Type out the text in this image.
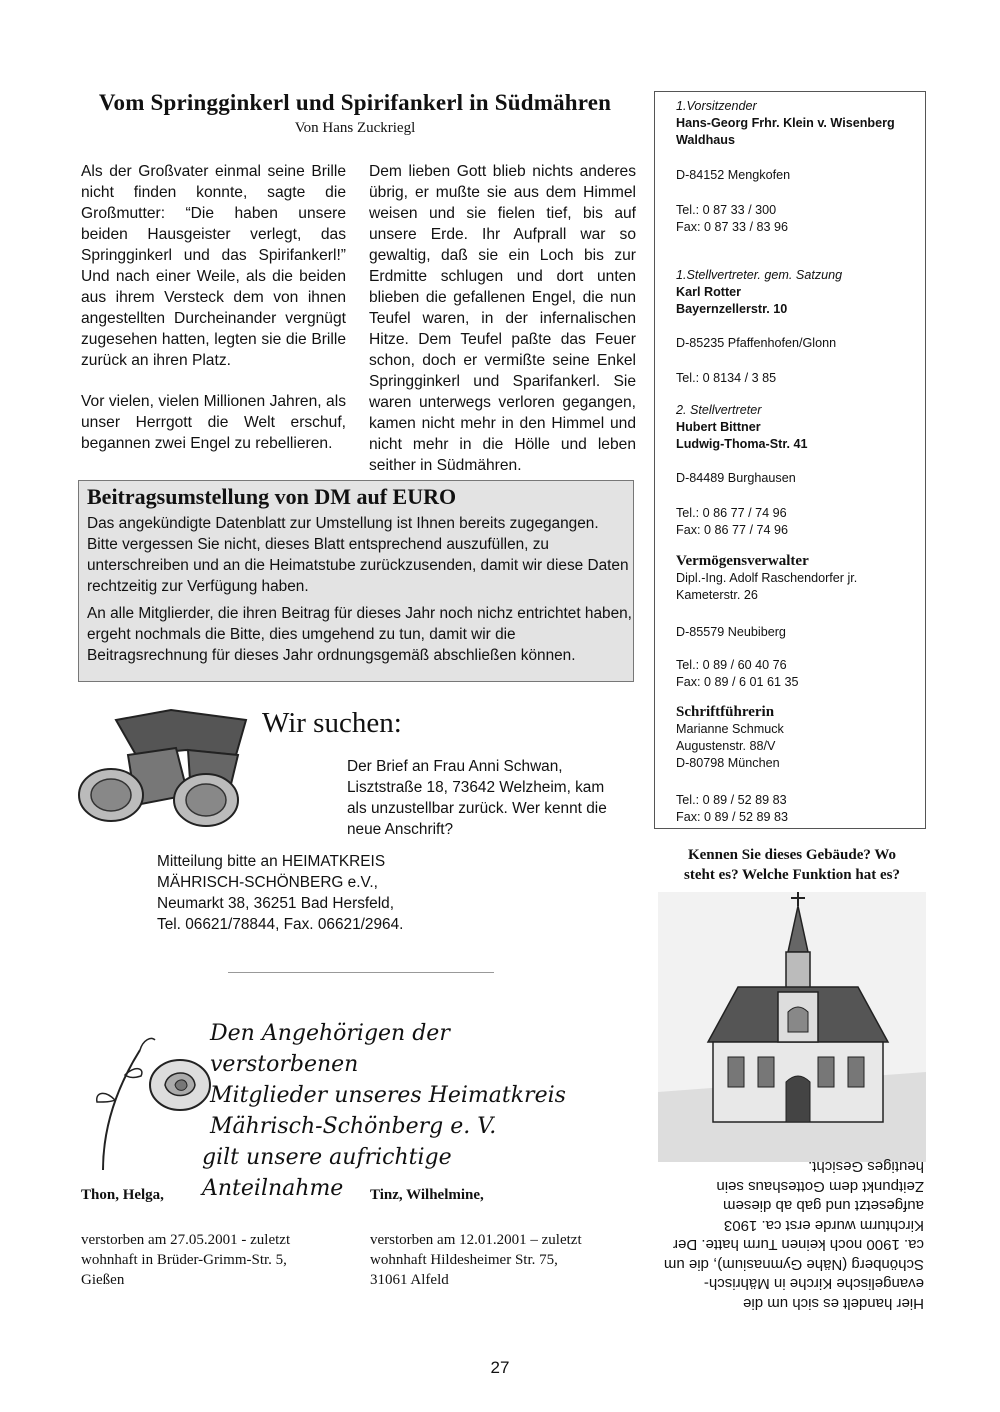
Vom Springginkerl und Spirifankerl in Südmähren
Von Hans Zuckriegl

Als der Großvater einmal seine Brille nicht finden konnte, sagte die Großmutter: “Die haben unsere beiden Hausgeister verlegt, das Springginkerl und das Spirifankerl!” Und nach einer Weile, als die beiden aus ihrem Versteck dem von ihnen angestellten Durcheinander vergnügt zugesehen hatten, legten sie die Brille zurück an ihren Platz.

Vor vielen, vielen Millionen Jahren, als unser Herrgott die Welt erschuf, begannen zwei Engel zu rebellieren.

Dem lieben Gott blieb nichts anderes übrig, er mußte sie aus dem Himmel weisen und sie fielen tief, bis auf unsere Erde. Ihr Aufprall war so gewaltig, daß sie ein Loch bis zur Erdmitte schlugen und dort unten blieben die gefallenen Engel, die nun Teufel waren, in der infernalischen Hitze. Dem Teufel paßte das Feuer schon, doch er vermißte seine Enkel Springginkerl und Sparifankerl. Sie waren unterwegs verloren gegangen, kamen nicht mehr in den Himmel und nicht mehr in die Hölle und leben seither in Südmähren.

Beitragsumstellung von DM auf EURO
Das angekündigte Datenblatt zur Umstellung ist Ihnen bereits zugegangen. Bitte vergessen Sie nicht, dieses Blatt entsprechend auszufüllen, zu unterschreiben und an die Heimatstube zurückzusenden, damit wir diese Daten rechtzeitig zur Verfügung haben.
An alle Mitglierder, die ihren Beitrag für dieses Jahr noch nichz entrichtet haben, ergeht nochmals die Bitte, dies umgehend zu tun, damit wir die Beitragsrechnung für dieses Jahr ordnungsgemäß abschließen können.
1.Vorsitzender
Hans-Georg Frhr. Klein v. Wisenberg
Waldhaus
D-84152 Mengkofen
Tel.: 0 87 33 / 300
Fax: 0 87 33 / 83 96
1.Stellvertreter. gem. Satzung
Karl Rotter
Bayernzellerstr. 10
D-85235 Pfaffenhofen/Glonn
Tel.: 0 8134 / 3 85
2. Stellvertreter
Hubert Bittner
Ludwig-Thoma-Str. 41
D-84489 Burghausen
Tel.: 0 86 77 / 74 96
Fax: 0 86 77 / 74 96
Vermögensverwalter
Dipl.-Ing. Adolf Raschendorfer jr.
Kameterstr. 26
D-85579 Neubiberg
Tel.: 0 89 / 60 40 76
Fax: 0 89 / 6 01 61 35
Schriftführerin
Marianne Schmuck
Augustenstr. 88/V
D-80798 München
Tel.: 0 89 / 52 89 83
Fax: 0 89 / 52 89 83
Wir suchen:
Der Brief an Frau Anni Schwan, Lisztstraße 18, 73642 Welzheim, kam als unzustellbar zurück. Wer kennt die neue Anschrift?
Mitteilung bitte an HEIMATKREIS
MÄHRISCH-SCHÖNBERG e.V.,
Neumarkt 38, 36251 Bad Hersfeld,
Tel. 06621/78844, Fax. 06621/2964.
Den Angehörigen der verstorbenen
Mitglieder unseres Heimatkreis
Mährisch-Schönberg e. V.
gilt unsere aufrichtige Anteilnahme
Thon, Helga,
verstorben am 27.05.2001 - zuletzt
wohnhaft in Brüder-Grimm-Str. 5,
Gießen
Tinz, Wilhelmine,
verstorben am 12.01.2001 – zuletzt
wohnhaft Hildesheimer Str. 75,
31061 Alfeld
Kennen Sie dieses Gebäude? Wo
steht es? Welche Funktion hat es?
Hier handelt es sich um die evangelische Kirche in Mährisch-Schönberg (Nähe Gymnasium), die um ca. 1900 noch keinen Turm hatte. Der Kirchturm wurde erst ca. 1903 aufgesetzt und gab ab diesem Zeitpunkt dem Gotteshaus sein heutiges Gesicht.
27
